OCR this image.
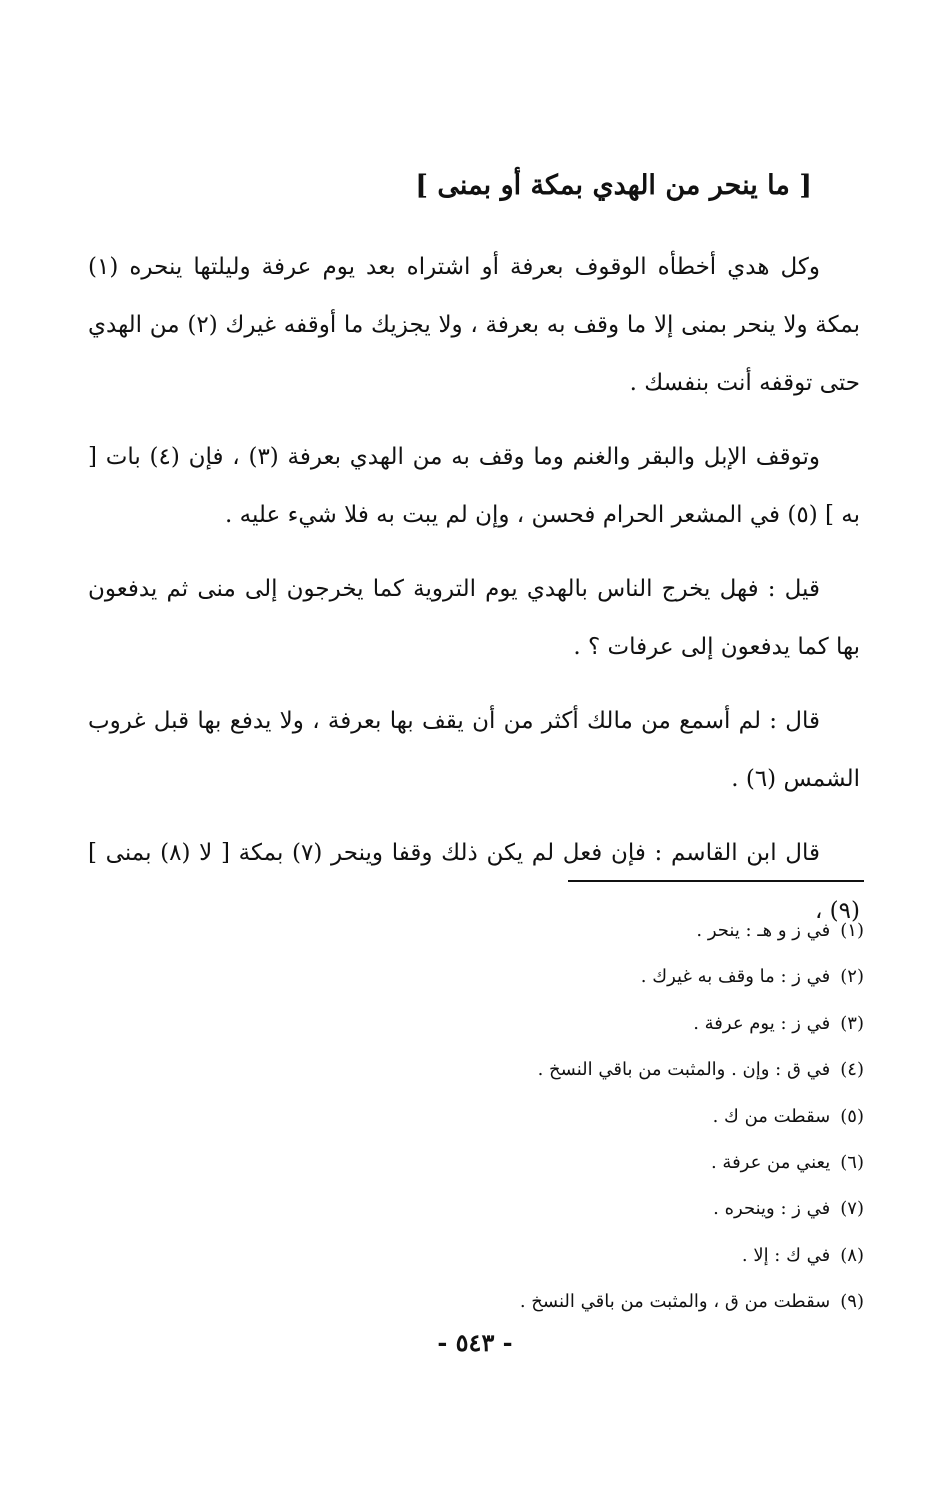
[ ما ينحر من الهدي بمكة أو بمنى ]

وكل هدي أخطأه الوقوف بعرفة أو اشتراه بعد يوم عرفة وليلتها ينحره (١) بمكة ولا ينحر بمنى إلا ما وقف به بعرفة ، ولا يجزيك ما أوقفه غيرك (٢) من الهدي حتى توقفه أنت بنفسك .

وتوقف الإبل والبقر والغنم وما وقف به من الهدي بعرفة (٣) ، فإن (٤) بات [ به ] (٥) في المشعر الحرام فحسن ، وإن لم يبت به فلا شيء عليه .

قيل : فهل يخرج الناس بالهدي يوم التروية كما يخرجون إلى منى ثم يدفعون بها كما يدفعون إلى عرفات ؟ .

قال : لم أسمع من مالك أكثر من أن يقف بها بعرفة ، ولا يدفع بها قبل غروب الشمس (٦) .

قال ابن القاسم : فإن فعل لم يكن ذلك وقفا وينحر (٧) بمكة [ لا (٨) بمنى ] (٩) ،

(١)في ز و هـ : ينحر .
(٢)في ز : ما وقف به غيرك .
(٣)في ز : يوم عرفة .
(٤)في ق : وإن . والمثبت من باقي النسخ .
(٥)سقطت من ك .
(٦)يعني من عرفة .
(٧)في ز : وينحره .
(٨)في ك : إلا .
(٩)سقطت من ق ، والمثبت من باقي النسخ .
- ٥٤٣ -
